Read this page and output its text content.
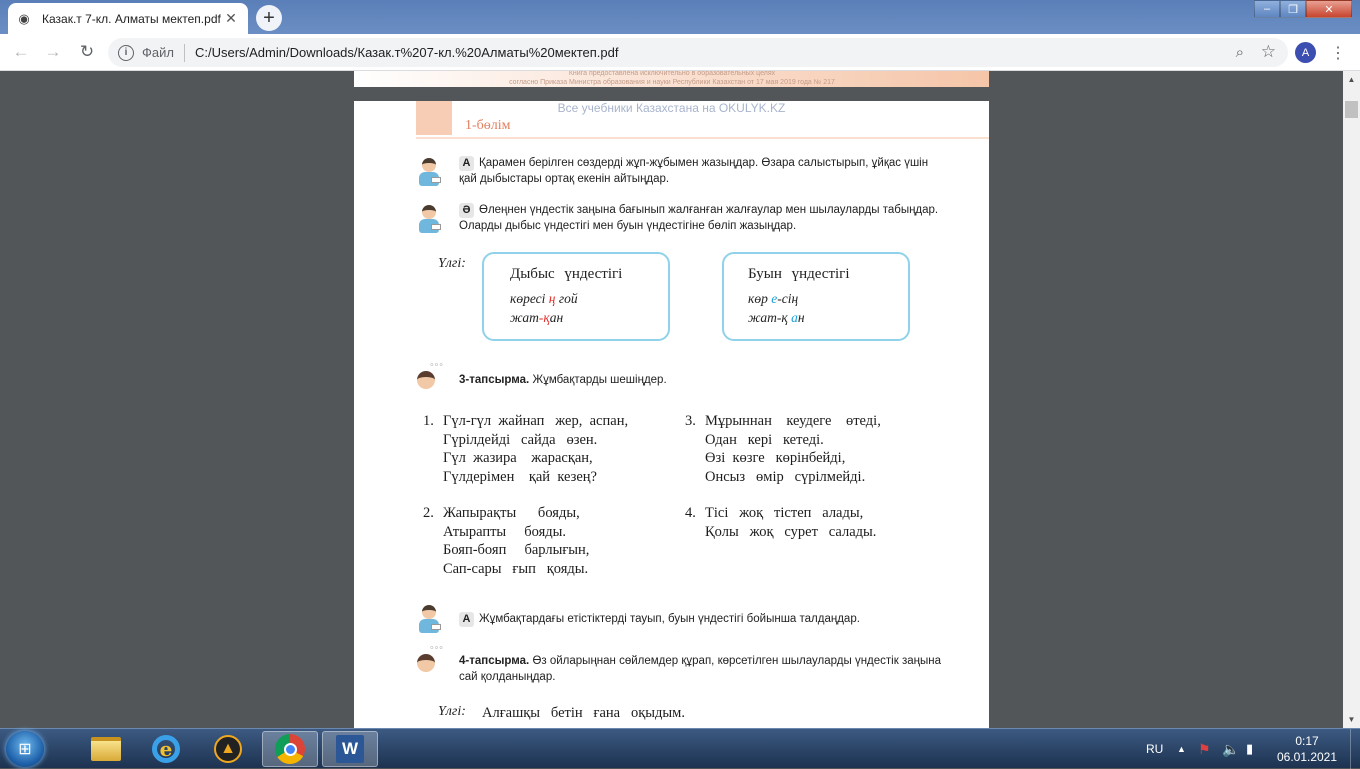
◉ Казак.т 7-кл. Алматы мектеп.pdf ✕	+	–	❐	✕
← →	↻	i	Файл C:/Users/Admin/Downloads/Казак.т%207-кл.%20Алматы%20мектеп.pdf	⌕ ☆	A	⋮
Книга предоставлена исключительно в образовательных целях
согласно Приказа Министра образования и науки Республики Казахстан от 17 мая 2019 года № 217
Все учебники Казахстана на OKULYK.KZ
1-бөлім
А Қарамен берілген сөздерді жұп-жұбымен жазыңдар. Өзара салыстырып, ұйқас үшін қай дыбыстары ортақ екенін айтыңдар.
Ә Өлеңнен үндестік заңына бағынып жалғанған жалғаулар мен шылауларды табыңдар. Оларды дыбыс үндестігі мен буын үндестігіне бөліп жазыңдар.
Үлгі:
Дыбыс үндестігі
көресі ң гой
жат-қан
Буын үндестігі
көр е-сің
жат-қ ан
∘∘∘
3-тапсырма. Жұмбақтарды шешіңдер.
1. Гүл-гүл  жайнап   жер,  аспан,
Гүрілдейді   сайда   өзен.
Гүл  жазира    жарасқан,
Гүлдерімен    қай  кезең?
3. Мұрыннан    кеудеге    өтеді,
Одан   кері   кетеді.
Өзі  көзге   көрінбейді,
Онсыз   өмір   сүрілмейді.
2. Жапырақты      бояды,
Атырапты     бояды.
Бояп-бояп     барлығын,
Сап-сары   ғып   қояды.
4. Тісі   жоқ   тістеп   алады,
Қолы   жоқ   сурет   салады.
А Жұмбақтардағы етістіктерді тауып, буын үндестігі бойынша талдаңдар.
∘∘∘
4-тапсырма. Өз ойларыңнан сөйлемдер құрап, көрсетілген шылауларды үндестік заңына сай қолданыңдар.
Үлгі: Алғашқы   бетін   ғана   оқыдым.
▲
▼
⊞	e	▲	W	RU ▲ ⚑ 🔈 ▮	0:17
06.01.2021
